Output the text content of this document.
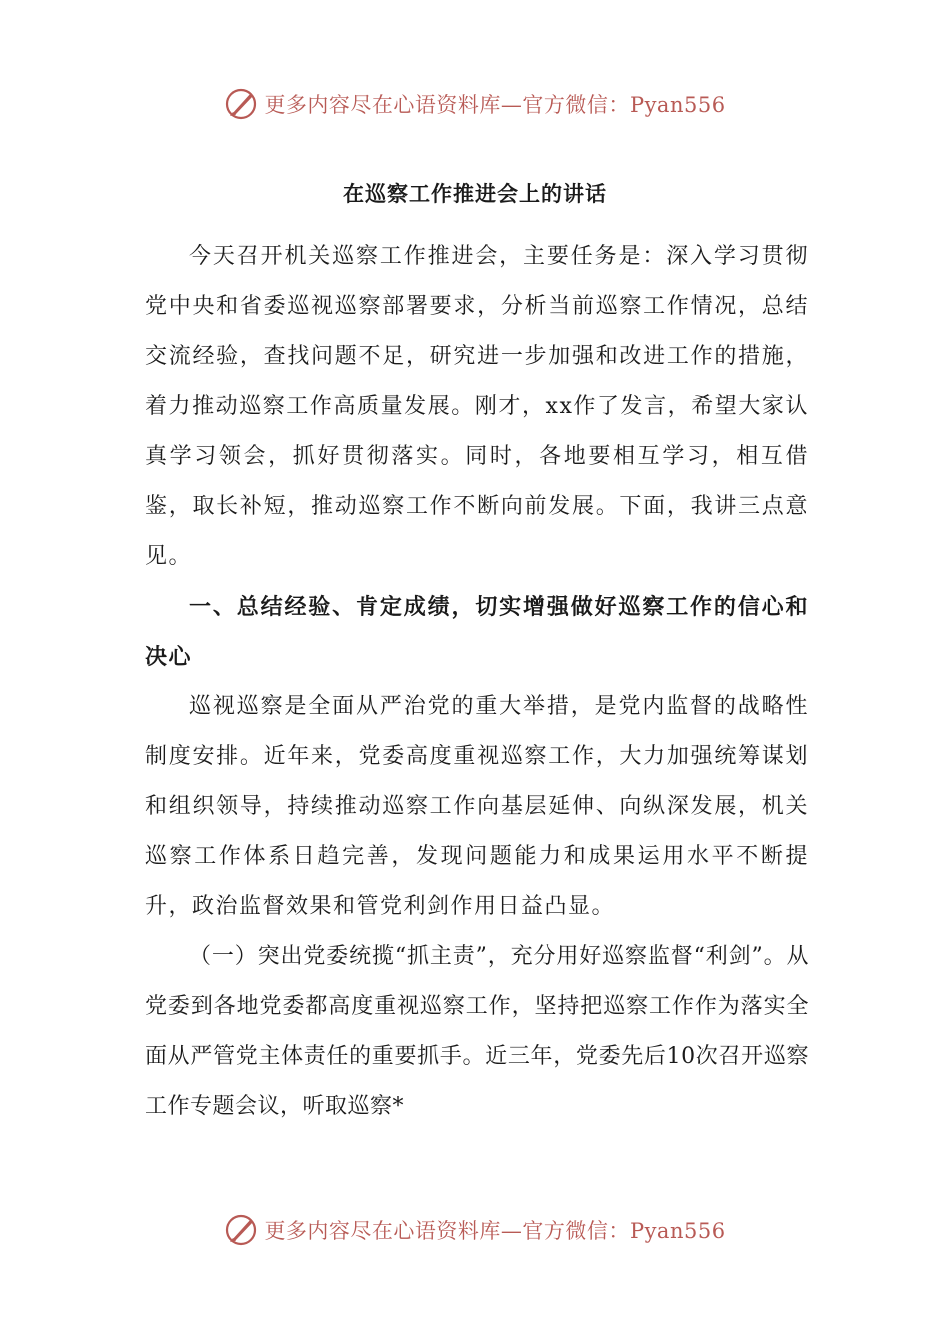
更多内容尽在心语资料库—官方微信：Pyan556
在巡察工作推进会上的讲话

今天召开机关巡察工作推进会，主要任务是：深入学习贯彻党中央和省委巡视巡察部署要求，分析当前巡察工作情况，总结交流经验，查找问题不足，研究进一步加强和改进工作的措施，着力推动巡察工作高质量发展。刚才，xx作了发言，希望大家认真学习领会，抓好贯彻落实。同时，各地要相互学习，相互借鉴，取长补短，推动巡察工作不断向前发展。下面，我讲三点意见。

一、总结经验、肯定成绩，切实增强做好巡察工作的信心和决心

巡视巡察是全面从严治党的重大举措，是党内监督的战略性制度安排。近年来，党委高度重视巡察工作，大力加强统筹谋划和组织领导，持续推动巡察工作向基层延伸、向纵深发展，机关巡察工作体系日趋完善，发现问题能力和成果运用水平不断提升，政治监督效果和管党利剑作用日益凸显。

（一）突出党委统揽“抓主责”，充分用好巡察监督“利剑”。从党委到各地党委都高度重视巡察工作，坚持把巡察工作作为落实全面从严管党主体责任的重要抓手。近三年，党委先后10次召开巡察工作专题会议，听取巡察*

更多内容尽在心语资料库—官方微信：Pyan556
